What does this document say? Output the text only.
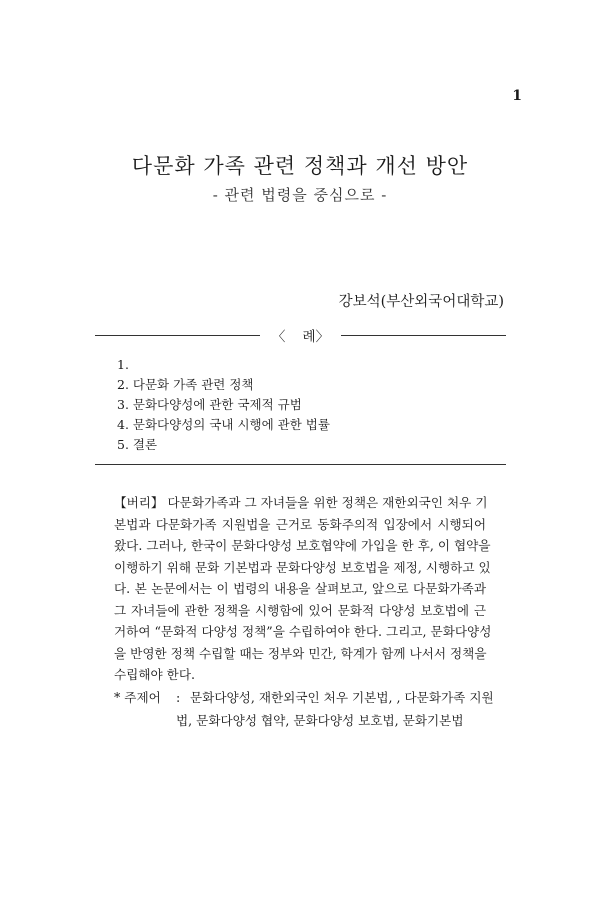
1
다문화 가족 관련 정책과 개선 방안
- 관련 법령을 중심으로 -
강보석(부산외국어대학교)
〈    례〉
1.
2. 다문화 가족 관련 정책
3. 문화다양성에 관한 국제적 규범
4. 문화다양성의 국내 시행에 관한 법률
5. 결론
【버리】 다문화가족과 그 자녀들을 위한 정책은 재한외국인 처우 기
본법과 다문화가족 지원법을 근거로 동화주의적 입장에서 시행되어
왔다. 그러나, 한국이 문화다양성 보호협약에 가입을 한 후, 이 협약을
이행하기 위해 문화 기본법과 문화다양성 보호법을 제정, 시행하고 있
다. 본 논문에서는 이 법령의 내용을 살펴보고, 앞으로 다문화가족과
그 자녀들에 관한 정책을 시행함에 있어 문화적 다양성 보호법에 근
거하여 “문화적 다양성 정책”을 수립하여야 한다. 그리고, 문화다양성
을 반영한 정책 수립할 때는 정부와 민간, 학계가 함께 나서서 정책을
수립해야 한다.
* 주제어	: 문화다양성, 재한외국인 처우 기본법, , 다문화가족 지원
법, 문화다양성 협약, 문화다양성 보호법, 문화기본법
